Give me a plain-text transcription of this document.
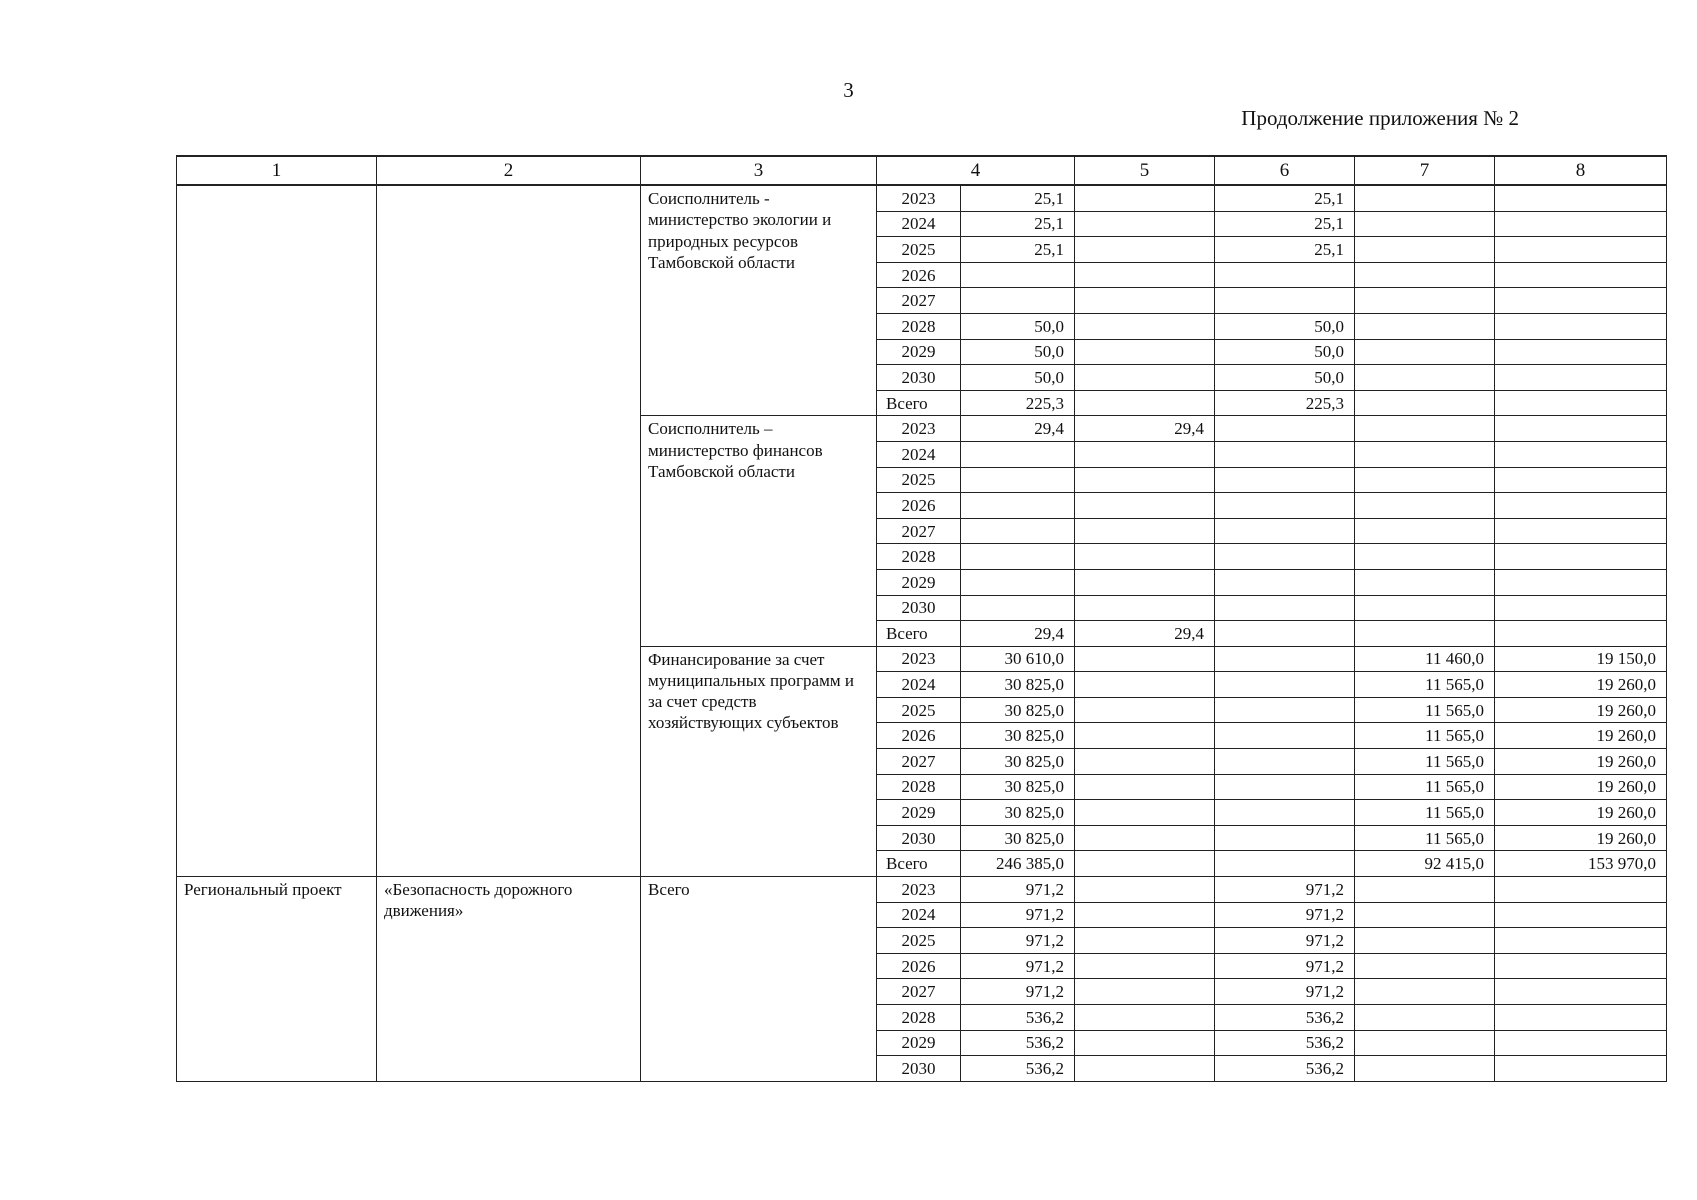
3
Продолжение приложения № 2
1	2	3	4		5	6	7	8
		Соисполнитель - министерство экологии и природных ресурсов Тамбовской области	2023	25,1		25,1		
			2024	25,1		25,1		
			2025	25,1		25,1		
			2026					
			2027					
			2028	50,0		50,0		
			2029	50,0		50,0		
			2030	50,0		50,0		
			Всего	225,3		225,3		
		Соисполнитель – министерство финансов Тамбовской области	2023	29,4	29,4			
			2024					
			2025					
			2026					
			2027					
			2028					
			2029					
			2030					
			Всего	29,4	29,4			
		Финансирование за счет муниципальных программ и за счет средств хозяйствующих субъектов	2023	30 610,0			11 460,0	19 150,0
			2024	30 825,0			11 565,0	19 260,0
			2025	30 825,0			11 565,0	19 260,0
			2026	30 825,0			11 565,0	19 260,0
			2027	30 825,0			11 565,0	19 260,0
			2028	30 825,0			11 565,0	19 260,0
			2029	30 825,0			11 565,0	19 260,0
			2030	30 825,0			11 565,0	19 260,0
			Всего	246 385,0			92 415,0	153 970,0
Региональный проект	«Безопасность дорожного движения»	Всего	2023	971,2		971,2		
			2024	971,2		971,2		
			2025	971,2		971,2		
			2026	971,2		971,2		
			2027	971,2		971,2		
			2028	536,2		536,2		
			2029	536,2		536,2		
			2030	536,2		536,2		
